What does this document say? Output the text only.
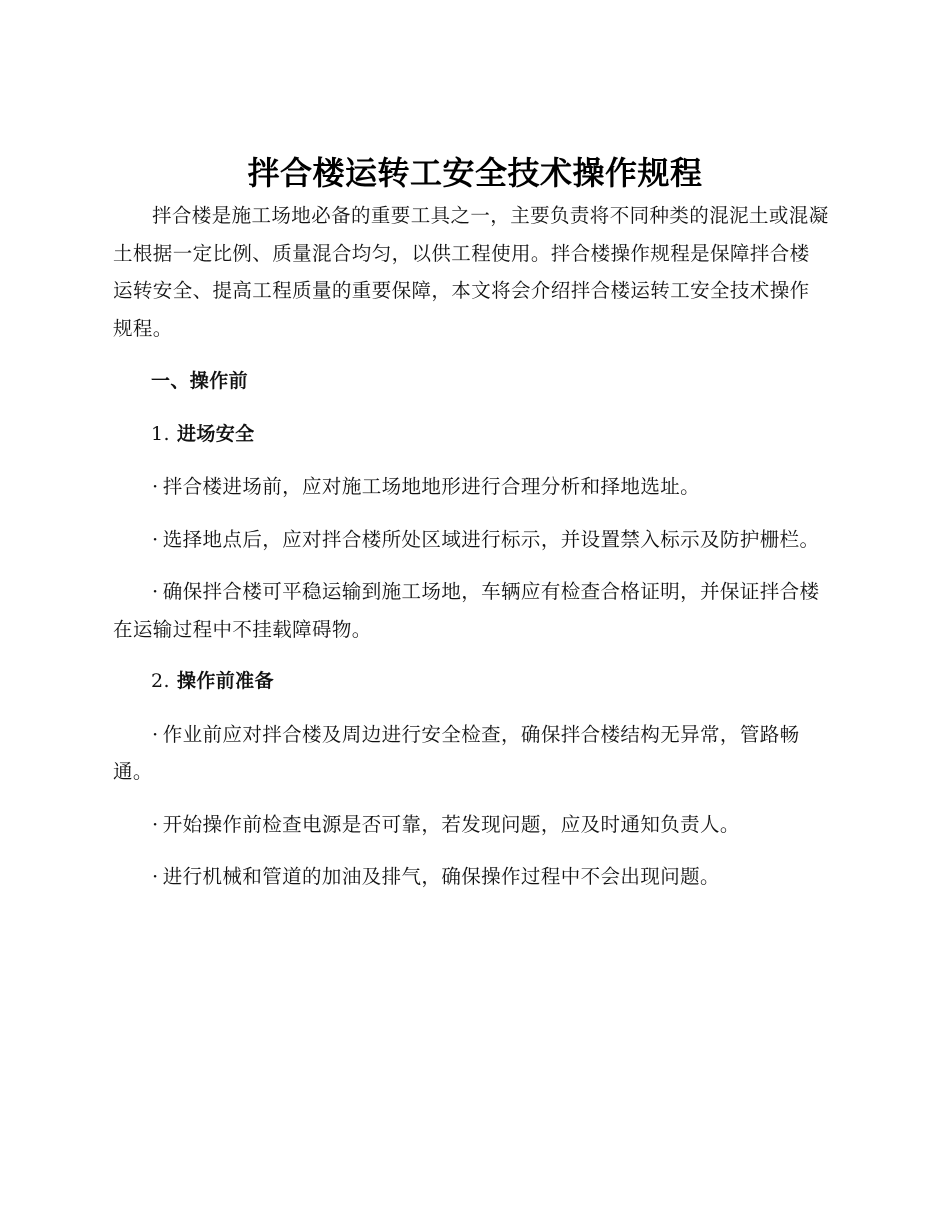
拌合楼运转工安全技术操作规程

拌合楼是施工场地必备的重要工具之一，主要负责将不同种类的混泥土或混凝土根据一定比例、质量混合均匀，以供工程使用。拌合楼操作规程是保障拌合楼运转安全、提高工程质量的重要保障，本文将会介绍拌合楼运转工安全技术操作规程。

一、操作前

1. 进场安全

· 拌合楼进场前，应对施工场地地形进行合理分析和择地选址。

· 选择地点后，应对拌合楼所处区域进行标示，并设置禁入标示及防护栅栏。

· 确保拌合楼可平稳运输到施工场地，车辆应有检查合格证明，并保证拌合楼在运输过程中不挂载障碍物。

2. 操作前准备

· 作业前应对拌合楼及周边进行安全检查，确保拌合楼结构无异常，管路畅通。

· 开始操作前检查电源是否可靠，若发现问题，应及时通知负责人。

· 进行机械和管道的加油及排气，确保操作过程中不会出现问题。
